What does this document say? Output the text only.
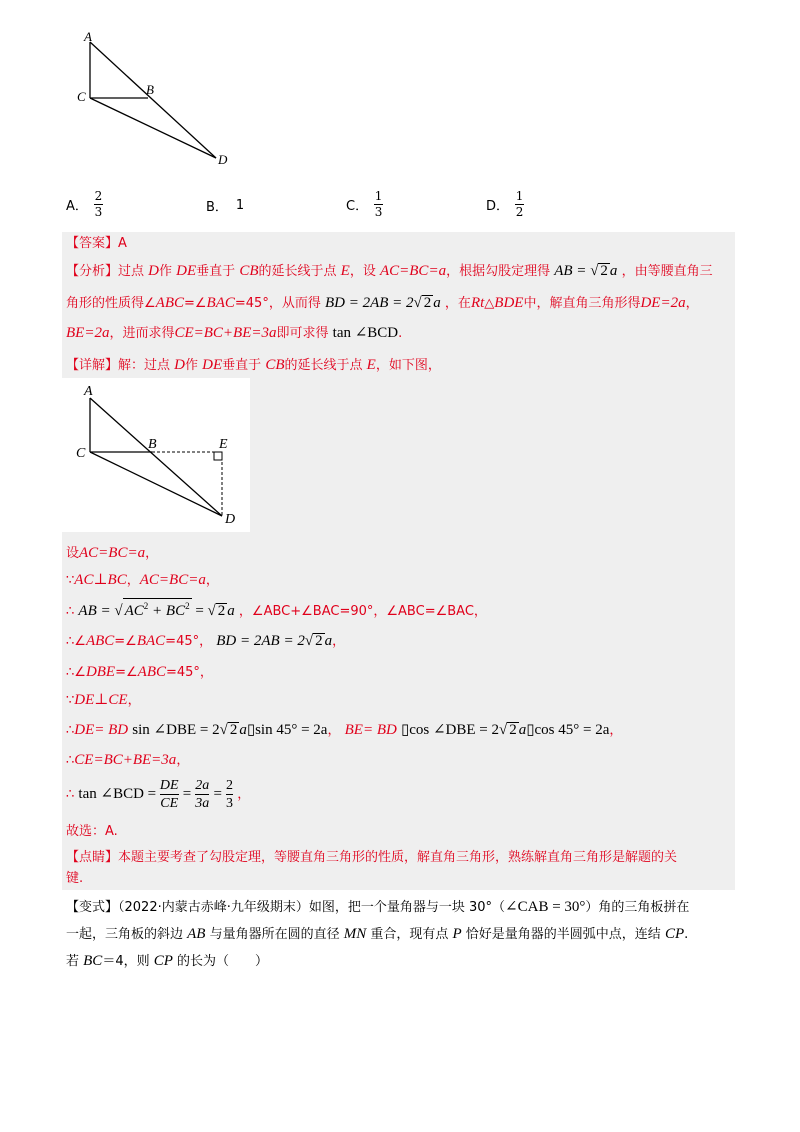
A
C	B
D
A． $\frac{2}{3}$	B． 1	C． $\frac{1}{3}$	D． $\frac{1}{2}$
【答案】A
【分析】过点 D作 DE垂直于 CB的延长线于点 E，设 AC=BC=a，根据勾股定理得 AB = √ 2 a ，由等腰直角三
角形的性质得∠ABC=∠BAC=45°，从而得 BD = 2AB = 2√ 2 a ，在Rt△BDE中，解直角三角形得DE=2a，
BE=2a，进而求得CE=BC+BE=3a即可求得 tan ∠BCD.
【详解】解：过点 D作 DE垂直于 CB的延长线于点 E，如下图，
A
C
B	E
D
设AC=BC=a，
∵AC⊥BC，AC=BC=a，
∴ AB = √ $AC^2 + BC^2$ = √ 2 a ，∠ABC+∠BAC=90°，∠ABC=∠BAC，
∴∠ABC=∠BAC=45°， BD = 2AB = 2√ 2 a，
∴∠DBE=∠ABC=45°，
∵DE⊥CE，
∴DE= BD sin ∠DBE = 2√ 2 a▯sin 45° = 2a， BE= BD ▯cos ∠DBE = 2√ 2 a▯cos 45° = 2a，
∴CE=BC+BE=3a，
∴ tan ∠BCD = $\frac{DE}{CE} = \frac{2a}{3a} = \frac{2}{3}$ ，
故选：A.
【点睛】本题主要考查了勾股定理，等腰直角三角形的性质，解直角三角形，熟练解直角三角形是解题的关
键.
【变式】（2022·内蒙古赤峰·九年级期末）如图，把一个量角器与一块 30°（∠CAB = 30°）角的三角板拼在
一起，三角板的斜边 AB 与量角器所在圆的直径 MN 重合，现有点 P 恰好是量角器的半圆弧中点，连结 CP.
若 BC＝4，则 CP 的长为（　　）
